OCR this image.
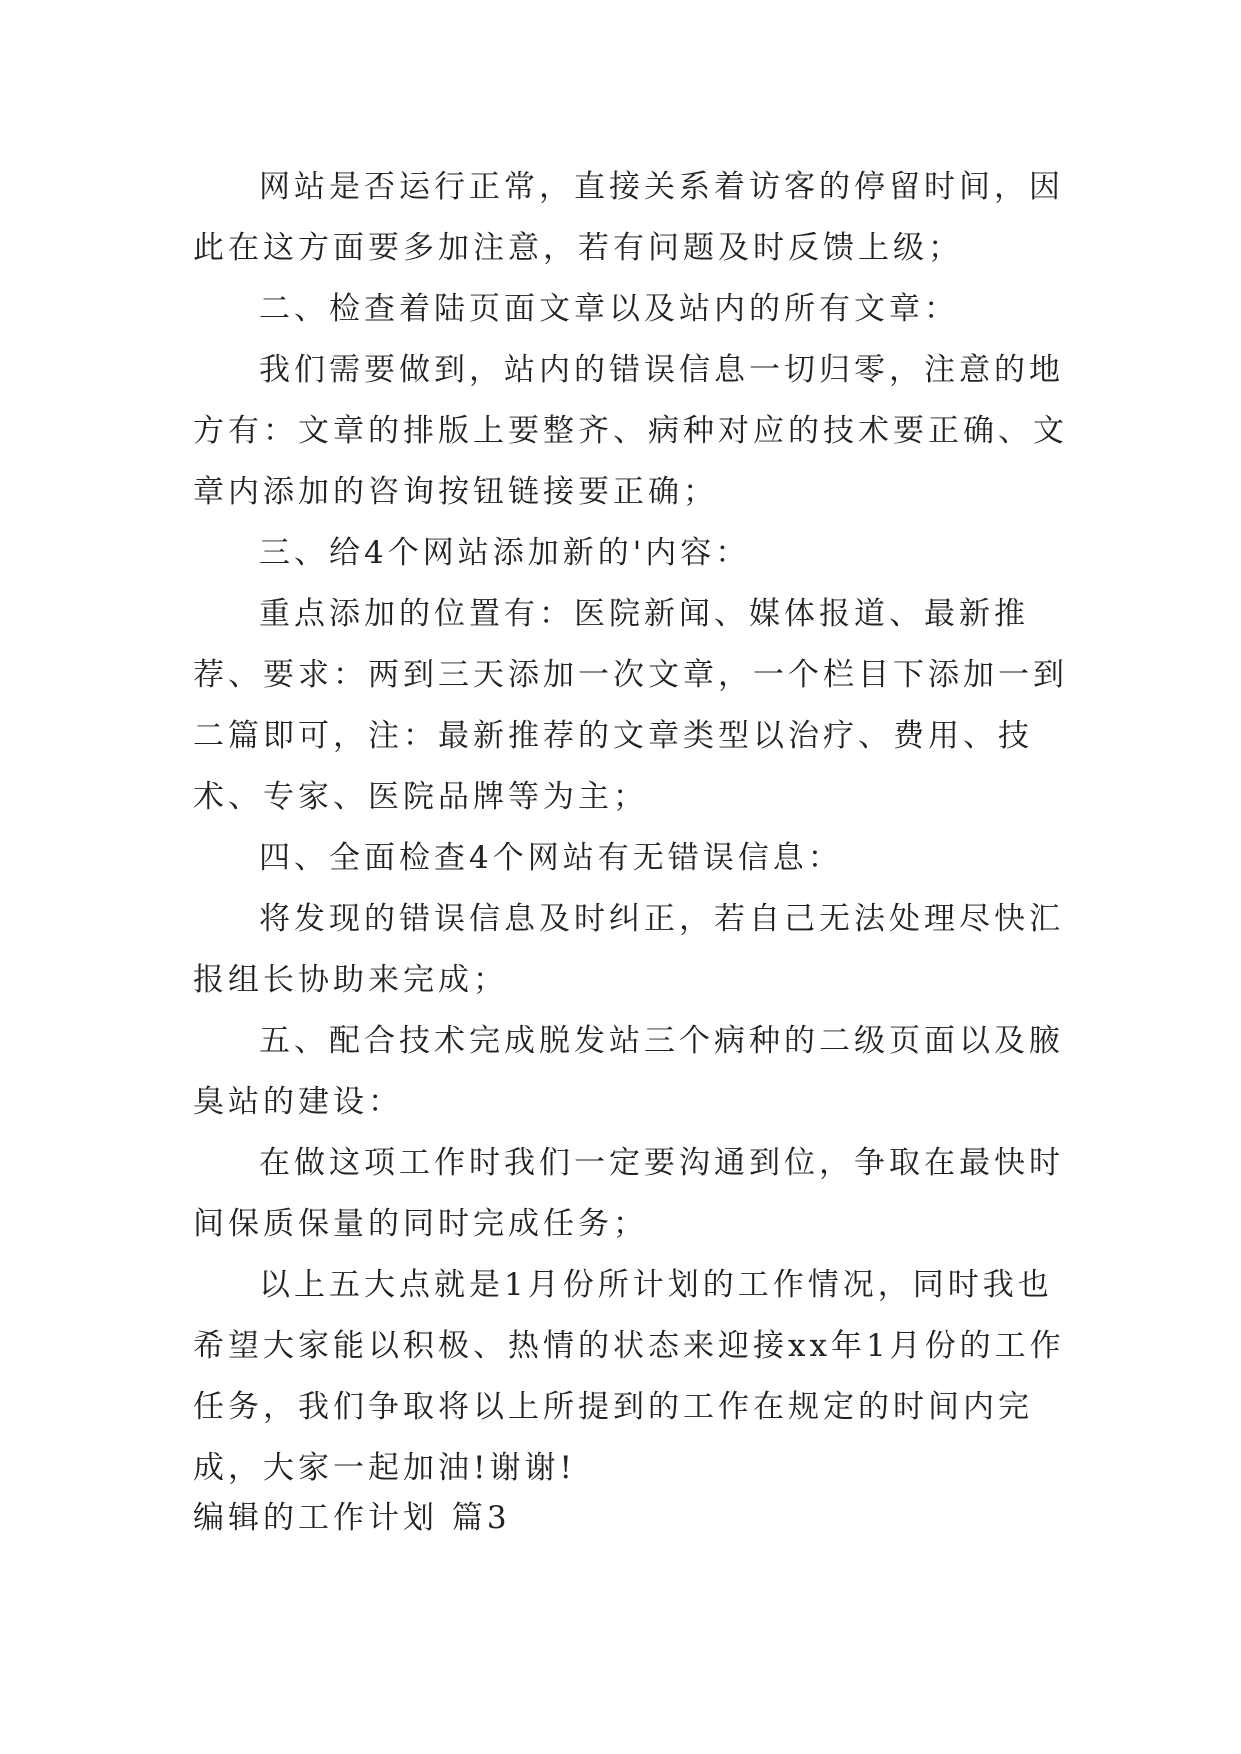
网站是否运行正常，直接关系着访客的停留时间，因此在这方面要多加注意，若有问题及时反馈上级；

二、检查着陆页面文章以及站内的所有文章：

我们需要做到，站内的错误信息一切归零，注意的地方有：文章的排版上要整齐、病种对应的技术要正确、文章内添加的咨询按钮链接要正确；

三、给4个网站添加新的'内容：

重点添加的位置有：医院新闻、媒体报道、最新推荐、要求：两到三天添加一次文章，一个栏目下添加一到二篇即可，注：最新推荐的文章类型以治疗、费用、技术、专家、医院品牌等为主；

四、全面检查4个网站有无错误信息：

将发现的错误信息及时纠正，若自己无法处理尽快汇报组长协助来完成；

五、配合技术完成脱发站三个病种的二级页面以及腋臭站的建设：

在做这项工作时我们一定要沟通到位，争取在最快时间保质保量的同时完成任务；

以上五大点就是1月份所计划的工作情况，同时我也希望大家能以积极、热情的状态来迎接xx年1月份的工作任务，我们争取将以上所提到的工作在规定的时间内完成，大家一起加油!谢谢!

编辑的工作计划 篇3
